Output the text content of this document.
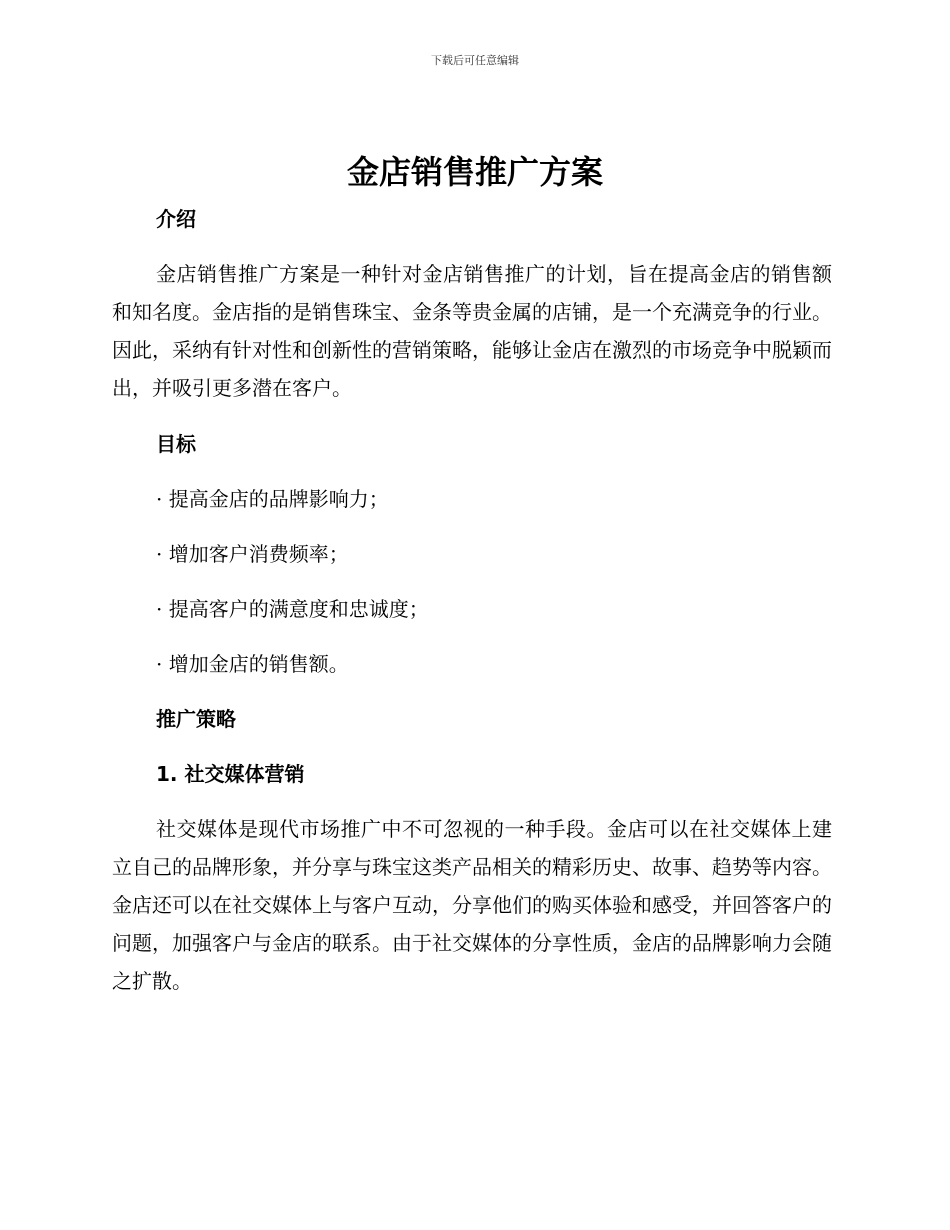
下载后可任意编辑
金店销售推广方案
介绍

金店销售推广方案是一种针对金店销售推广的计划，旨在提高金店的销售额和知名度。金店指的是销售珠宝、金条等贵金属的店铺，是一个充满竞争的行业。因此，采纳有针对性和创新性的营销策略，能够让金店在激烈的市场竞争中脱颖而出，并吸引更多潜在客户。

目标
· 提高金店的品牌影响力；
· 增加客户消费频率；
· 提高客户的满意度和忠诚度；
· 增加金店的销售额。
推广策略
1. 社交媒体营销

社交媒体是现代市场推广中不可忽视的一种手段。金店可以在社交媒体上建立自己的品牌形象，并分享与珠宝这类产品相关的精彩历史、故事、趋势等内容。金店还可以在社交媒体上与客户互动，分享他们的购买体验和感受，并回答客户的问题，加强客户与金店的联系。由于社交媒体的分享性质，金店的品牌影响力会随之扩散。
